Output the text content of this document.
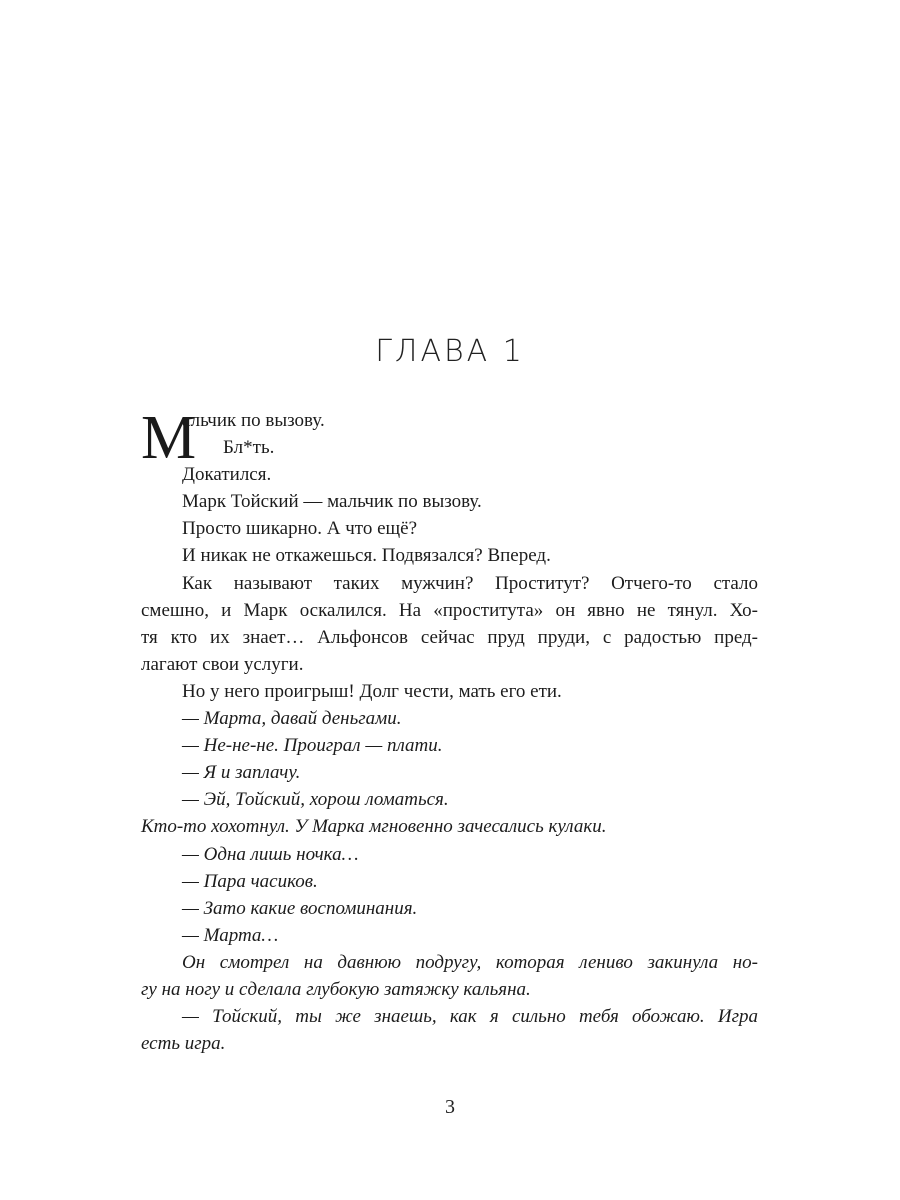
ГЛАВА 1
М
альчик по вызову.
Бл*ть.
Докатился.
Марк Тойский — мальчик по вызову.
Просто шикарно. А что ещё?
И никак не откажешься. Подвязался? Вперед.
Как называют таких мужчин? Проститут? Отчего-то стало
смешно, и Марк оскалился. На «проститута» он явно не тянул. Хо-
тя кто их знает… Альфонсов сейчас пруд пруди, с радостью пред-
лагают свои услуги.
Но у него проигрыш! Долг чести, мать его ети.
— Марта, давай деньгами.
— Не-не-не. Проиграл — плати.
— Я и заплачу.
— Эй, Тойский, хорош ломаться.
Кто-то хохотнул. У Марка мгновенно зачесались кулаки.
— Одна лишь ночка…
— Пара часиков.
— Зато какие воспоминания.
— Марта…
Он смотрел на давнюю подругу, которая лениво закинула но-
гу на ногу и сделала глубокую затяжку кальяна.
— Тойский, ты же знаешь, как я сильно тебя обожаю. Игра
есть игра.
3
